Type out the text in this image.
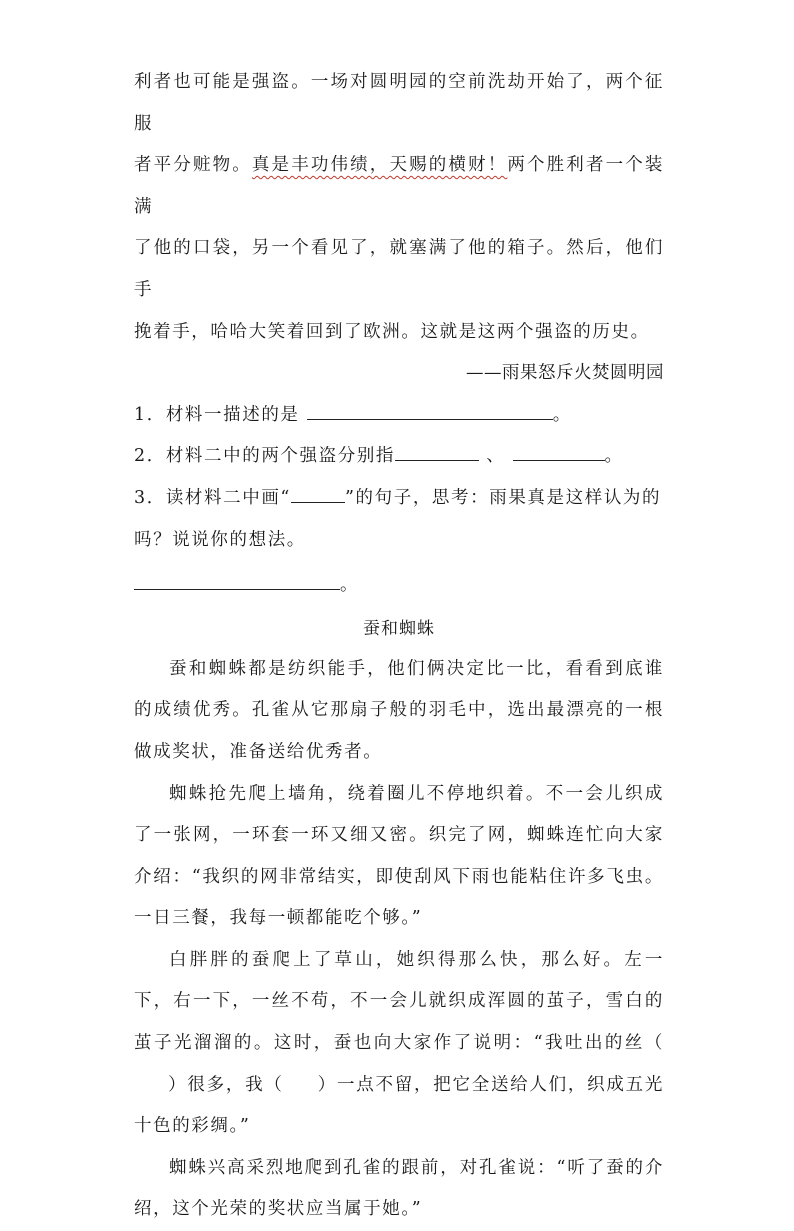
利者也可能是强盗。一场对圆明园的空前洗劫开始了，两个征服

者平分赃物。真是丰功伟绩，天赐的横财！两个胜利者一个装满

了他的口袋，另一个看见了，就塞满了他的箱子。然后，他们手

挽着手，哈哈大笑着回到了欧洲。这就是这两个强盗的历史。

——雨果怒斥火焚圆明园

1．材料一描述的是	。

2．材料二中的两个强盗分别指	、	。

3．读材料二中画“	”的句子，思考：雨果真是这样认为的

吗？说说你的想法。

。

蚕和蜘蛛

蚕和蜘蛛都是纺织能手，他们俩决定比一比，看看到底谁的成绩优秀。孔雀从它那扇子般的羽毛中，选出最漂亮的一根做成奖状，准备送给优秀者。

蜘蛛抢先爬上墙角，绕着圈儿不停地织着。不一会儿织成了一张网，一环套一环又细又密。织完了网，蜘蛛连忙向大家介绍：“我织的网非常结实，即使刮风下雨也能粘住许多飞虫。一日三餐，我每一顿都能吃个够。”

白胖胖的蚕爬上了草山，她织得那么快，那么好。左一下，右一下，一丝不苟，不一会儿就织成浑圆的茧子，雪白的茧子光溜溜的。这时，蚕也向大家作了说明：“我吐出的丝（）很多，我（ ）一点不留，把它全送给人们，织成五光十色的彩绸。”

蜘蛛兴高采烈地爬到孔雀的跟前，对孔雀说：“听了蚕的介绍，这个光荣的奖状应当属于她。”
